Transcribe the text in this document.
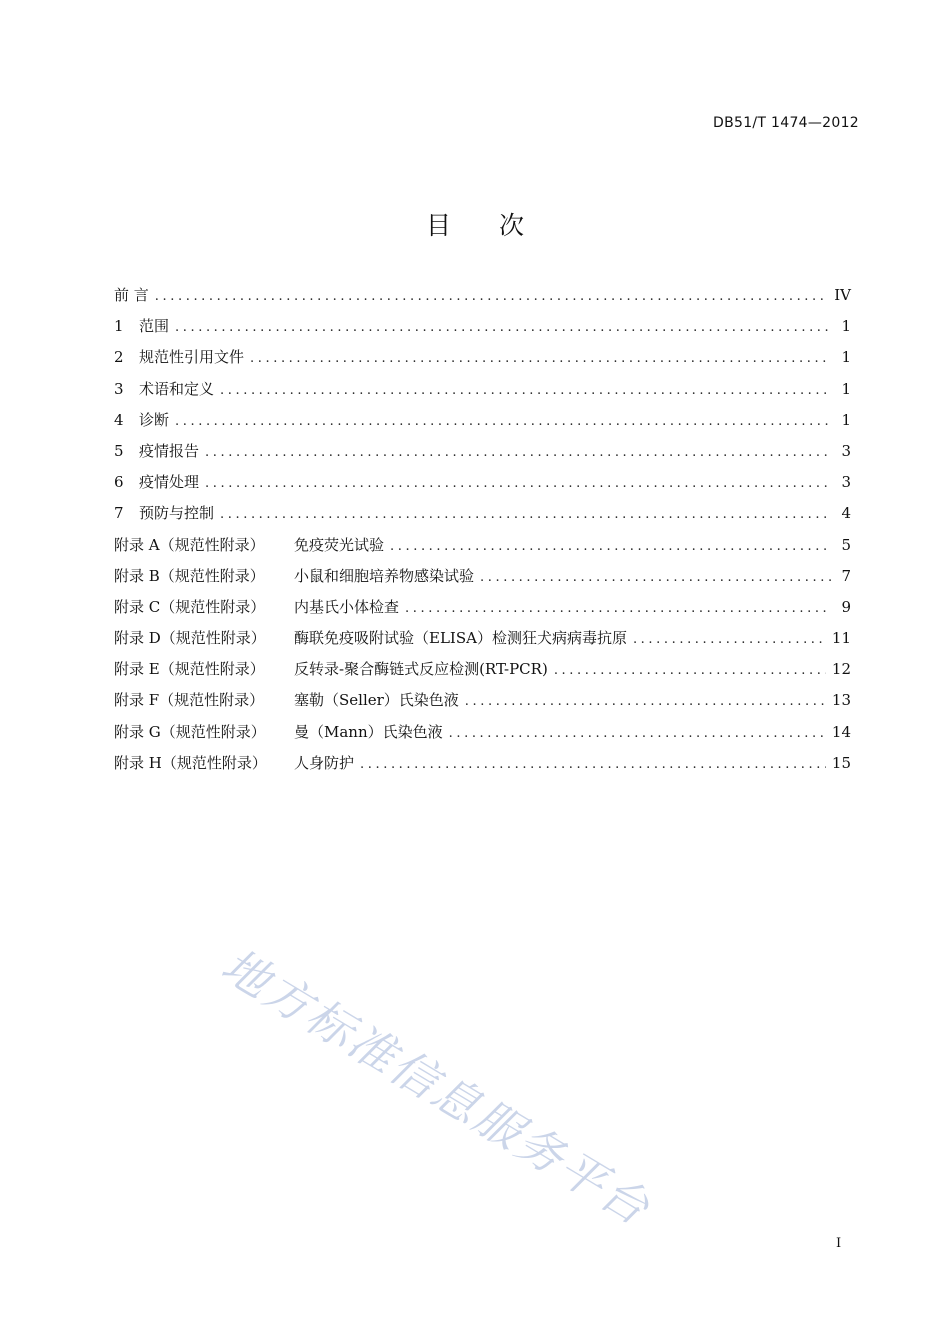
DB51/T 1474—2012
目 次
前 言 .....	IV
1	范围 .....	1
2	规范性引用文件 .....	1
3	术语和定义 .....	1
4	诊断 .....	1
5	疫情报告 .....	3
6	疫情处理 .....	3
7	预防与控制 .....	4
附录 A（规范性附录）	免疫荧光试验 .....	5
附录 B（规范性附录）	小鼠和细胞培养物感染试验 .....	7
附录 C（规范性附录）	内基氏小体检查 .....	9
附录 D（规范性附录）	酶联免疫吸附试验（ELISA）检测狂犬病病毒抗原 .....	11
附录 E（规范性附录）	反转录-聚合酶链式反应检测(RT-PCR) .....	12
附录 F（规范性附录）	塞勒（Seller）氏染色液 .....	13
附录 G（规范性附录）	曼（Mann）氏染色液 .....	14
附录 H（规范性附录）	人身防护 .....	15
地方标准信息服务平台
I
